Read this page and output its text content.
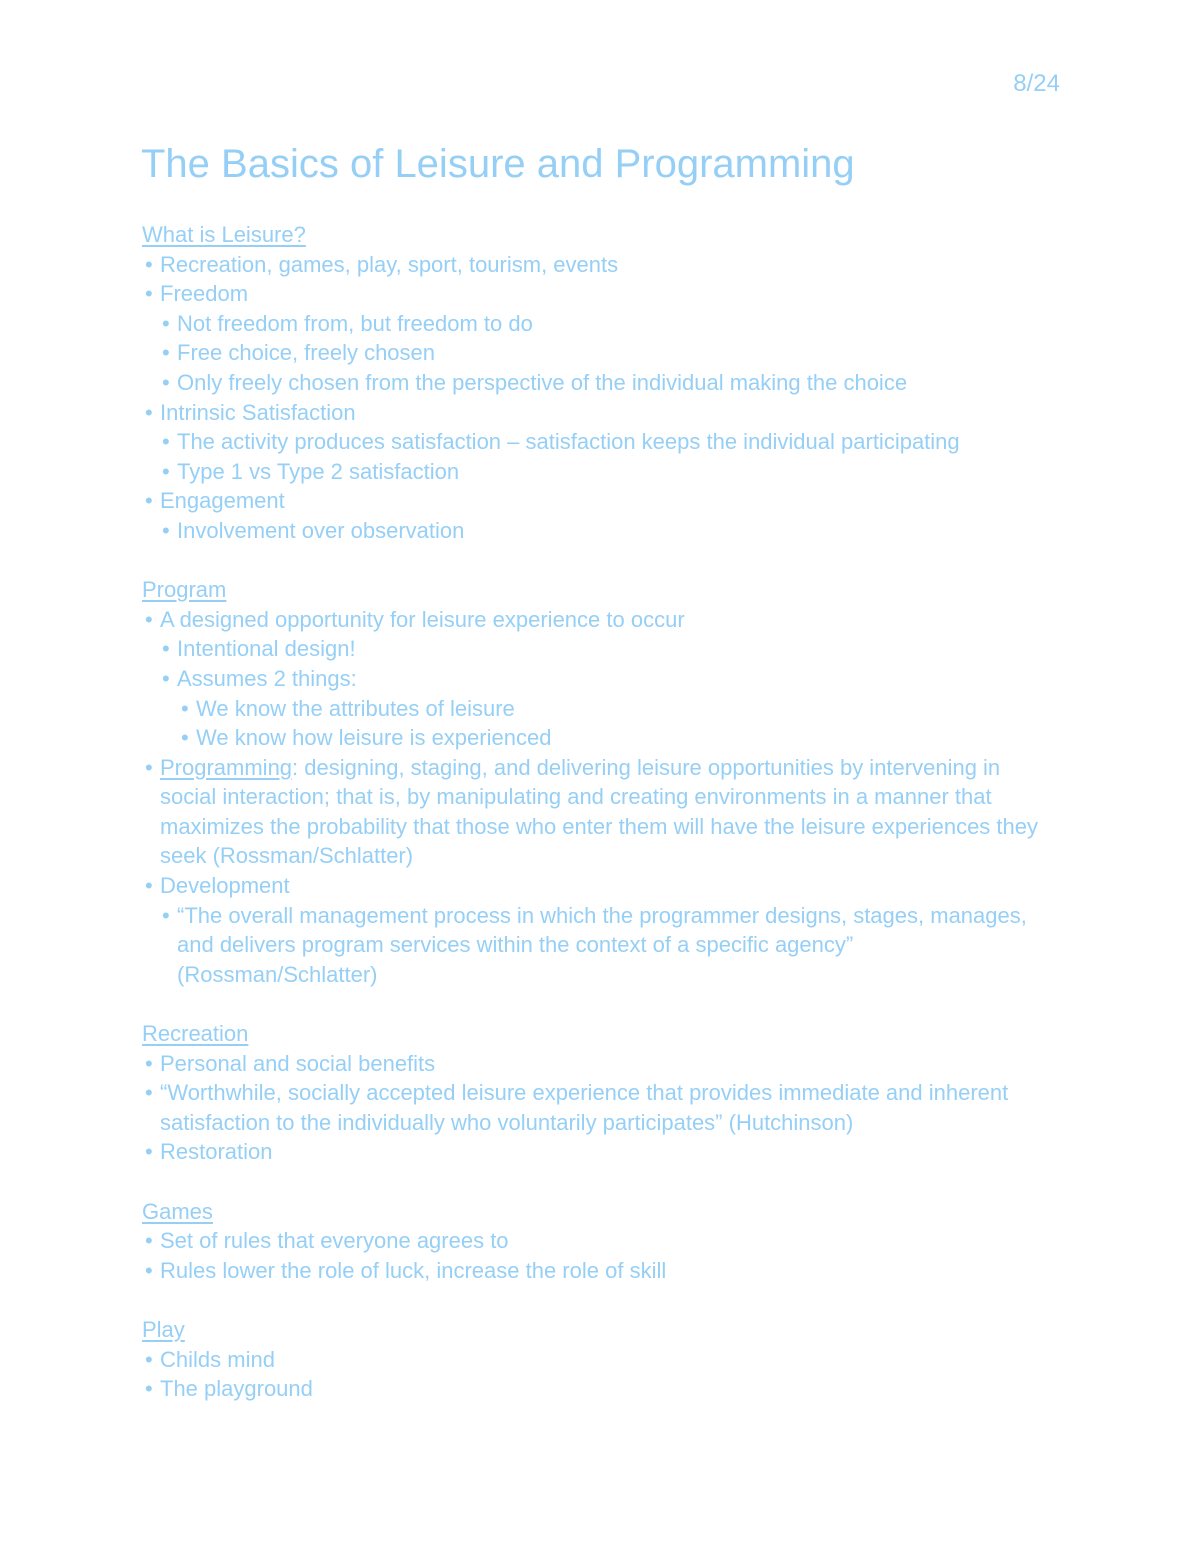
8/24
The Basics of Leisure and Programming
What is Leisure?
• Recreation, games, play, sport, tourism, events
• Freedom
• Not freedom from, but freedom to do
• Free choice, freely chosen
• Only freely chosen from the perspective of the individual making the choice
• Intrinsic Satisfaction
• The activity produces satisfaction – satisfaction keeps the individual participating
• Type 1 vs Type 2 satisfaction
• Engagement
• Involvement over observation
Program
• A designed opportunity for leisure experience to occur
• Intentional design!
• Assumes 2 things:
• We know the attributes of leisure
• We know how leisure is experienced
• Programming: designing, staging, and delivering leisure opportunities by intervening in social interaction; that is, by manipulating and creating environments in a manner that maximizes the probability that those who enter them will have the leisure experiences they seek (Rossman/Schlatter)
• Development
• “The overall management process in which the programmer designs, stages, manages, and delivers program services within the context of a specific agency” (Rossman/Schlatter)
Recreation
• Personal and social benefits
• “Worthwhile, socially accepted leisure experience that provides immediate and inherent satisfaction to the individually who voluntarily participates” (Hutchinson)
• Restoration
Games
• Set of rules that everyone agrees to
• Rules lower the role of luck, increase the role of skill
Play
• Childs mind
• The playground
